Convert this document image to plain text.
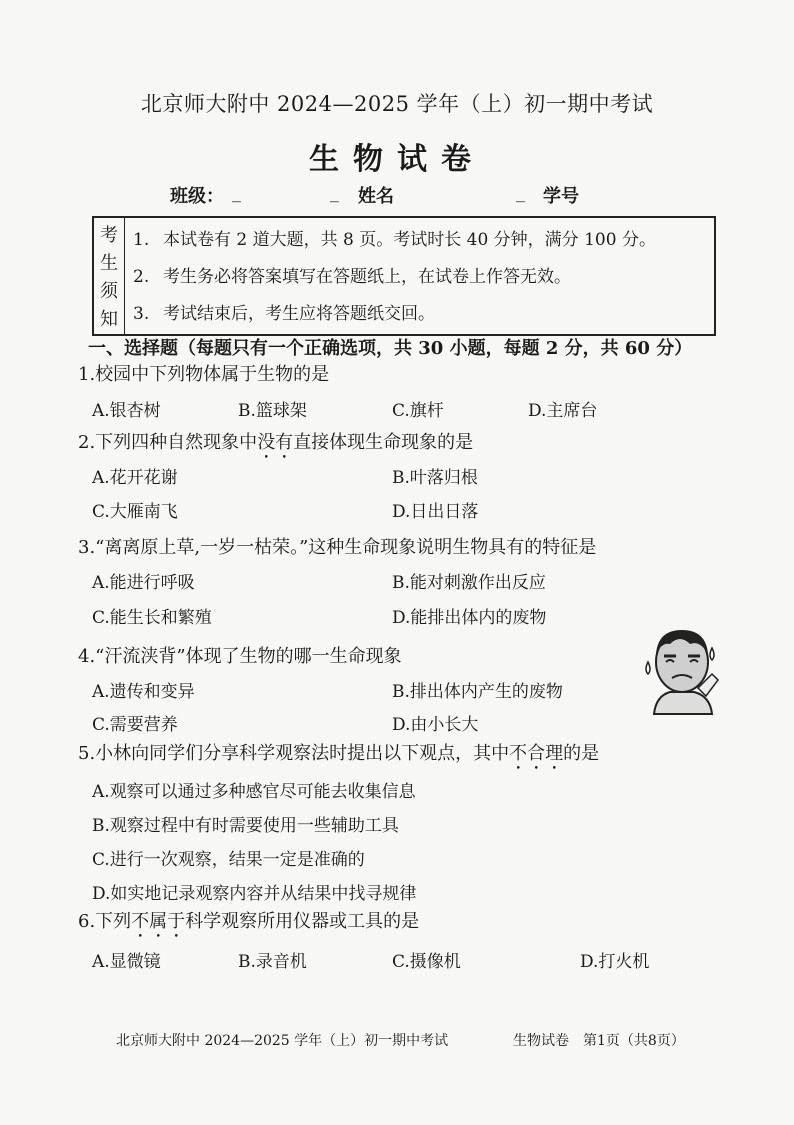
北京师大附中 2024—2025 学年（上）初一期中考试
生物试卷
班级： _	_ 姓名	_ 学号
考
生
须
知
1. 本试卷有 2 道大题，共 8 页。考试时长 40 分钟，满分 100 分。
2. 考生务必将答案填写在答题纸上，在试卷上作答无效。
3. 考试结束后，考生应将答题纸交回。
一、选择题（每题只有一个正确选项，共 30 小题，每题 2 分，共 60 分）
1.校园中下列物体属于生物的是
A.银杏树	B.篮球架	C.旗杆	D.主席台
2.下列四种自然现象中没有直接体现生命现象的是
A.花开花谢	B.叶落归根
C.大雁南飞	D.日出日落
3.“离离原上草,一岁一枯荣。”这种生命现象说明生物具有的特征是
A.能进行呼吸	B.能对刺激作出反应
C.能生长和繁殖	D.能排出体内的废物
4.“汗流浃背”体现了生物的哪一生命现象
A.遗传和变异	B.排出体内产生的废物
C.需要营养	D.由小长大
5.小林向同学们分享科学观察法时提出以下观点，其中不合理的是
A.观察可以通过多种感官尽可能去收集信息
B.观察过程中有时需要使用一些辅助工具
C.进行一次观察，结果一定是准确的
D.如实地记录观察内容并从结果中找寻规律
6.下列不属于科学观察所用仪器或工具的是
A.显微镜	B.录音机	C.摄像机	D.打火机
北京师大附中 2024—2025 学年（上）初一期中考试	生物试卷　第1页（共8页）
